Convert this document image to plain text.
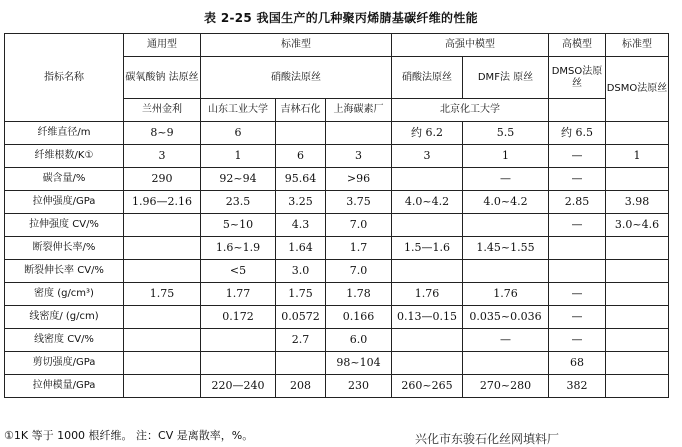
表 2-25 我国生产的几种聚丙烯腈基碳纤维的性能
指标名称	通用型	标准型			高强中模型		高模型	标准型
	碳氧酸钠 法原丝	硝酸法原丝			硝酸法原丝	DMF法 原丝	DMSO法原丝	DSMO法原丝
	兰州金利	山东工业大学	吉林石化	上海碳素厂	北京化工大学			
纤维直径/m	8~9	6			约 6.2	5.5	约 6.5	
纤维根数/K①	3	1	6	3	3	1	—	1
碳含量/%	290	92~94	95.64	>96		—	—	
拉伸强度/GPa	1.96—2.16	23.5	3.25	3.75	4.0~4.2	4.0~4.2	2.85	3.98
拉伸强度 CV/%		5~10	4.3	7.0			—	3.0~4.6
断裂伸长率/%		1.6~1.9	1.64	1.7	1.5—1.6	1.45~1.55		
断裂伸长率 CV/%		<5	3.0	7.0				
密度 (g/cm³)	1.75	1.77	1.75	1.78	1.76	1.76	—	
线密度/ (g/cm)		0.172	0.0572	0.166	0.13—0.15	0.035~0.036	—	
线密度 CV/%			2.7	6.0		—	—	
剪切强度/GPa				98~104			68	
拉伸模量/GPa		220—240	208	230	260~265	270~280	382	
①1K 等于 1000 根纤维。 注：CV 是离散率，%。	兴化市东骏石化丝网填料厂
